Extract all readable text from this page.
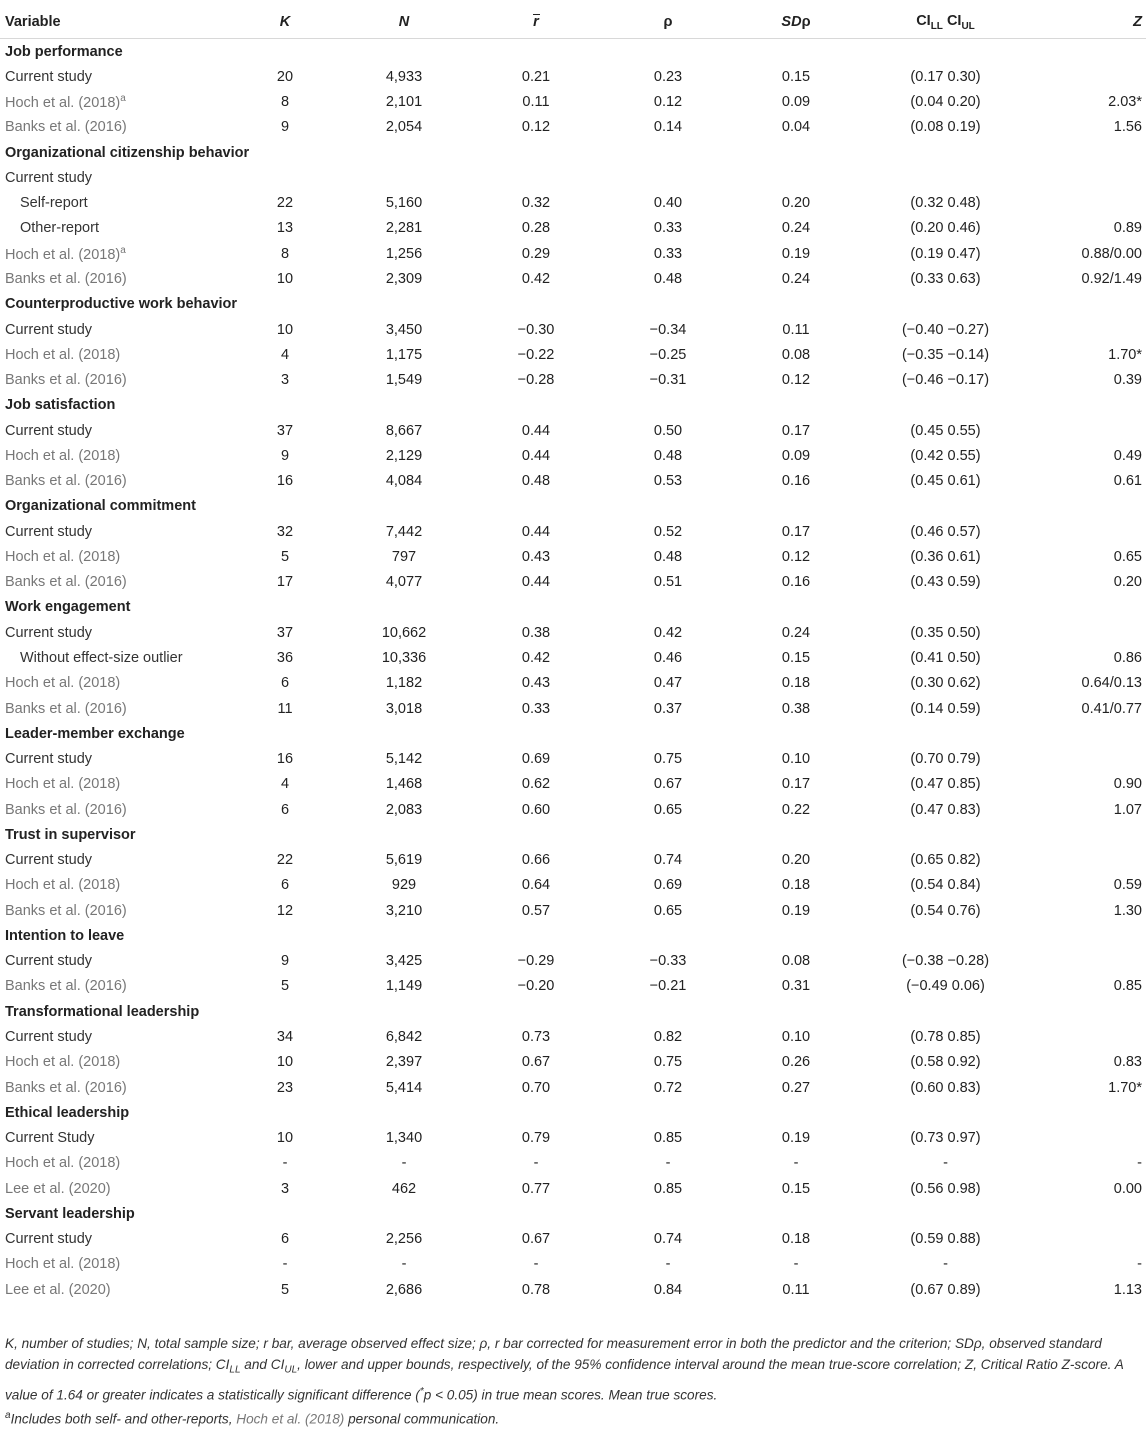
Variable	K	N	r	ρ	SDρ	$CI_{LL}$ $CI_{UL}$	Z
Job performance							
Current study	20	4,933	0.21	0.23	0.15	(0.17 0.30)	
Hoch et al. $(2018)^a$	8	2,101	0.11	0.12	0.09	(0.04 0.20)	2.03*
Banks et al. (2016)	9	2,054	0.12	0.14	0.04	(0.08 0.19)	1.56
Organizational citizenship behavior							
Current study							
Self-report	22	5,160	0.32	0.40	0.20	(0.32 0.48)	
Other-report	13	2,281	0.28	0.33	0.24	(0.20 0.46)	0.89
Hoch et al. $(2018)^a$	8	1,256	0.29	0.33	0.19	(0.19 0.47)	0.88/0.00
Banks et al. (2016)	10	2,309	0.42	0.48	0.24	(0.33 0.63)	0.92/1.49
Counterproductive work behavior							
Current study	10	3,450	−0.30	−0.34	0.11	(−0.40 −0.27)	
Hoch et al. (2018)	4	1,175	−0.22	−0.25	0.08	(−0.35 −0.14)	1.70*
Banks et al. (2016)	3	1,549	−0.28	−0.31	0.12	(−0.46 −0.17)	0.39
Job satisfaction							
Current study	37	8,667	0.44	0.50	0.17	(0.45 0.55)	
Hoch et al. (2018)	9	2,129	0.44	0.48	0.09	(0.42 0.55)	0.49
Banks et al. (2016)	16	4,084	0.48	0.53	0.16	(0.45 0.61)	0.61
Organizational commitment							
Current study	32	7,442	0.44	0.52	0.17	(0.46 0.57)	
Hoch et al. (2018)	5	797	0.43	0.48	0.12	(0.36 0.61)	0.65
Banks et al. (2016)	17	4,077	0.44	0.51	0.16	(0.43 0.59)	0.20
Work engagement							
Current study	37	10,662	0.38	0.42	0.24	(0.35 0.50)	
Without effect-size outlier	36	10,336	0.42	0.46	0.15	(0.41 0.50)	0.86
Hoch et al. (2018)	6	1,182	0.43	0.47	0.18	(0.30 0.62)	0.64/0.13
Banks et al. (2016)	11	3,018	0.33	0.37	0.38	(0.14 0.59)	0.41/0.77
Leader-member exchange							
Current study	16	5,142	0.69	0.75	0.10	(0.70 0.79)	
Hoch et al. (2018)	4	1,468	0.62	0.67	0.17	(0.47 0.85)	0.90
Banks et al. (2016)	6	2,083	0.60	0.65	0.22	(0.47 0.83)	1.07
Trust in supervisor							
Current study	22	5,619	0.66	0.74	0.20	(0.65 0.82)	
Hoch et al. (2018)	6	929	0.64	0.69	0.18	(0.54 0.84)	0.59
Banks et al. (2016)	12	3,210	0.57	0.65	0.19	(0.54 0.76)	1.30
Intention to leave							
Current study	9	3,425	−0.29	−0.33	0.08	(−0.38 −0.28)	
Banks et al. (2016)	5	1,149	−0.20	−0.21	0.31	(−0.49 0.06)	0.85
Transformational leadership							
Current study	34	6,842	0.73	0.82	0.10	(0.78 0.85)	
Hoch et al. (2018)	10	2,397	0.67	0.75	0.26	(0.58 0.92)	0.83
Banks et al. (2016)	23	5,414	0.70	0.72	0.27	(0.60 0.83)	1.70*
Ethical leadership							
Current Study	10	1,340	0.79	0.85	0.19	(0.73 0.97)	
Hoch et al. (2018)	-	-	-	-	-	-	-
Lee et al. (2020)	3	462	0.77	0.85	0.15	(0.56 0.98)	0.00
Servant leadership							
Current study	6	2,256	0.67	0.74	0.18	(0.59 0.88)	
Hoch et al. (2018)	-	-	-	-	-	-	-
Lee et al. (2020)	5	2,686	0.78	0.84	0.11	(0.67 0.89)	1.13

K, number of studies; N, total sample size; r bar, average observed effect size; ρ, r bar corrected for measurement error in both the predictor and the criterion; SDρ, observed standard deviation in corrected correlations; $CI_{LL}$ and $CI_{UL}$, lower and upper bounds, respectively, of the 95% confidence interval around the mean true-score correlation; Z, Critical Ratio Z-score. A value of 1.64 or greater indicates a statistically significant difference (*p < 0.05) in true mean scores. Mean true scores.

$^a$Includes both self- and other-reports, Hoch et al. (2018) personal communication.
